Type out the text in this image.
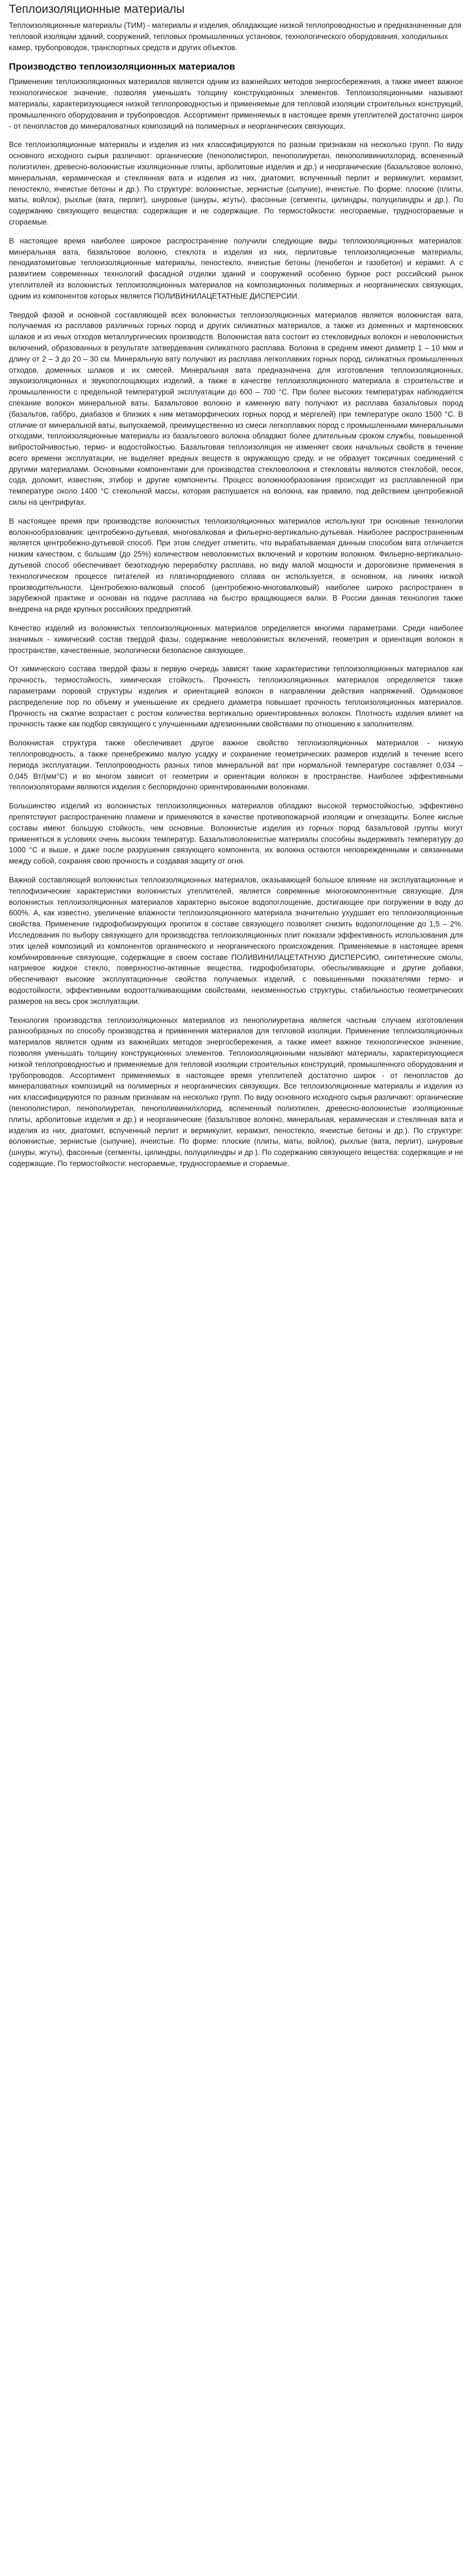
Теплоизоляционные материалы

Теплоизоляционные материалы (ТИМ) - материалы и изделия, обладающие низкой теплопроводностью и предназначенные для тепловой изоляции зданий, сооружений, тепловых промышленных установок, технологического оборудования, холодильных камер, трубопроводов, транспортных средств и других объектов.

Производство теплоизоляционных материалов

Применение теплоизоляционных материалов является одним из важнейших методов энергосбережения, а также имеет важное технологическое значение, позволяя уменьшать толщину конструкционных элементов. Теплоизоляционными называют материалы, характеризующиеся низкой теплопроводностью и применяемые для тепловой изоляции строительных конструкций, промышленного оборудования и трубопроводов. Ассортимент применяемых в настоящее время утеплителей достаточно широк - от пенопластов до минераловатных композиций на полимерных и неорганических связующих.

Все теплоизоляционные материалы и изделия из них классифицируются по разным признакам на несколько групп. По виду основного исходного сырья различают: органические (пенополистирол, пенополиуретан, пенополивинилхлорид, вспененный полиэтилен, древесно-волокнистые изоляционные плиты, арболитовые изделия и др.) и неорганические (базальтовое волокно, минеральная, керамическая и стеклянная вата и изделия из них, диатомит, вспученный перлит и вермикулит, керамзит, пеностекло, ячеистые бетоны и др.). По структуре: волокнистые, зернистые (сыпучие), ячеистые. По форме: плоские (плиты, маты, войлок), рыхлые (вата, перлит), шнуровые (шнуры, жгуты), фасонные (сегменты, цилиндры, полуцилиндры и др.). По содержанию связующего вещества: содержащие и не содержащие. По термостойкости: несгораемые, трудносгораемые и сгораемые.

В настоящее время наиболее широкое распространение получили следующие виды теплоизоляционных материалов: минеральная вата, базальтовое волокно, стеклота и изделия из них, перлитовые теплоизоляционные материалы, пенодиатомитовые теплоизоляционные материалы, пеностекло, ячеистые бетоны (пенобетон и газобетон) и керамит. А с развитием современных технологий фасадной отделки зданий и сооружений особенно бурное рост российский рынок утеплителей из волокнистых теплоизоляционных материалов на композиционных полимерных и неорганических связующих, одним из компонентов которых является ПОЛИВИНИЛАЦЕТАТНЫЕ ДИСПЕРСИИ.

Твердой фазой и основной составляющей всех волокнистых теплоизоляционных материалов является волокнистая вата, получаемая из расплавов различных горных пород и других силикатных материалов, а также из доменных и мартеновских шлаков и из иных отходов металлургических производств. Волокнистая вата состоит из стекловидных волокон и неволокнистых включений, образованных в результате затвердевания силикатного расплава. Волокна в среднем имеют диаметр 1 – 10 мкм и длину от 2 – 3 до 20 – 30 см. Минеральную вату получают из расплава легкоплавких горных пород, силикатных промышленных отходов, доменных шлаков и их смесей. Минеральная вата предназначена для изготовления теплоизоляционных, звукоизоляционных и звукопоглощающих изделий, а также в качестве теплоизоляционного материала в строительстве и промышленности с предельной температурой эксплуатации до 600 – 700 °С. При более высоких температурах наблюдается спекание волокон минеральной ваты. Базальтовое волокно и каменную вату получают из расплава базальтовых пород (базальтов, габбро, диабазов и близких к ним метаморфических горных пород и мергелей) при температуре около 1500 °С. В отличие от минеральной ваты, выпускаемой, преимущественно из смеси легкоплавких пород с промышленными минеральными отходами, теплоизоляционные материалы из базальтового волокна обладают более длительным сроком службы, повышенной вибростойчивостью, термо- и водостойкостью. Базальтовая теплоизоляция не изменяет своих начальных свойств в течение всего времени эксплуатации, не выделяет вредных веществ в окружающую среду, и не образует токсичных соединений с другими материалами. Основными компонентами для производства стекловолокна и стекловаты являются стеклобой, песок, сода, доломит, известняк, этибор и другие компоненты. Процесс волокнообразования происходит из расплавленной при температуре около 1400 °С стекольной массы, которая распушается на волокна, как правило, под действием центробежной силы на центрифугах.

В настоящее время при производстве волокнистых теплоизоляционных материалов используют три основные технологии волокнообразования: центробежно-дутьевая, многовалковая и фильерно-вертикально-дутьевая. Наиболее распространенным является центробежно-дутьевой способ. При этом следует отметить, что вырабатываемая данным способом вата отличается низким качеством, с большим (до 25%) количеством неволокнистых включений и коротким волокном. Фильерно-вертикально-дутьевой способ обеспечивает безотходную переработку расплава, но виду малой мощности и дороговизне применения в технологическом процессе питателей из платинородиевого сплава он используется, в основном, на линиях низкой производительности. Центробежно-валковый способ (центробежно-многовалковый) наиболее широко распространен в зарубежной практике и основан на подаче расплава на быстро вращающиеся валки. В России данная технология также внедрена на ряде крупных российских предприятий.

Качество изделий из волокнистых теплоизоляционных материалов определяется многими параметрами. Среди наиболее значимых - химический состав твердой фазы, содержание неволокнистых включений, геометрия и ориентация волокон в пространстве, качественные, экологически безопасное связующее.

От химического состава твердой фазы в первую очередь зависят такие характеристики теплоизоляционных материалов как прочность, термостойкость, химическая стойкость. Прочность теплоизоляционных материалов определяется также параметрами поровой структуры изделия и ориентацией волокон в направлении действия напряжений. Одинаковое распределение пор по объему и уменьшение их среднего диаметра повышает прочность теплоизоляционных материалов. Прочность на сжатие возрастает с ростом количества вертикально ориентированных волокон. Плотность изделия влияет на прочность также как подбор связующего с улучшенными адгезионными свойствами по отношению к заполнителям.

Волокнистая структура также обеспечивает другое важное свойство теплоизоляционных материалов - низкую теплопроводность, а также пренебрежимо малую усадку и сохранение геометрических размеров изделий в течение всего периода эксплуатации. Теплопроводность разных типов минеральной ват при нормальной температуре составляет 0,034 – 0,045 Вт/(мм°С) и во многом зависит от геометрии и ориентации волокон в пространстве. Наиболее эффективными теплоизоляторами являются изделия с беспорядочно ориентированными волокнами.

Большинство изделий из волокнистых теплоизоляционных материалов обладают высокой термостойкостью, эффективно препятствуют распространению пламени и применяются в качестве противопожарной изоляции и огнезащиты. Более кислые составы имеют большую стойкость, чем основные. Волокнистые изделия из горных пород базальтовой группы могут применяться в условиях очень высоких температур. Базальтоволокнистые материалы способны выдерживать температуру до 1000 °С и выше, и даже после разрушения связующего компонента, их волокна остаются неповрежденными и связанными между собой, сохраняя свою прочность и создавая защиту от огня.

Важной составляющей волокнистых теплоизоляционных материалов, оказывающей большое влияние на эксплуатационные и теплофизические характеристики волокнистых утеплителей, является совремнные многокомпонентные связующие. Для волокнистых теплоизоляционных материалов характерно высокое водопоглощение, достигающее при погружении в воду до 600%. А, как известно, увеличение влажности теплоизоляционного материала значительно ухудшает его теплоизоляционные свойства. Применение гидрофобизирующих пропиток в составе связующего позволяет снизить водопоглощение до 1,5 – 2%. Исследования по выбору связующего для производства теплоизоляционных плит показали эффективность использования для этих целей композиций из компонентов органического и неорганического происхождения. Применяемые в настоящее время комбинированные связующие, содержащие в своем составе ПОЛИВИНИЛАЦЕТАТНУЮ ДИСПЕРСИЮ, синтетические смолы, натриевое жидкое стекло, поверхностно-активные вещества, гидрофобизаторы, обеспыливающие и другие добавки, обеспечивают высокие эксплуатационные свойства получаемых изделий, с повышенными показателями термо- и водостойкости, эффективными водоотталкивающими свойствами, неизменностью структуры, стабильностью геометрических размеров на весь срок эксплуатации.

Технология производства теплоизоляционных материалов из пенополиуретана является частным случаем изготовления разнообразных по способу производства и применения материалов для тепловой изоляции. Применение теплоизоляционных материалов является одним из важнейших методов энергосбережения, а также имеет важное технологическое значение, позволяя уменьшать толщину конструкционных элементов. Теплоизоляционными называют материалы, характеризующиеся низкой теплопроводностью и применяемые для тепловой изоляции строительных конструкций, промышленного оборудования и трубопроводов. Ассортимент применяемых в настоящее время утеплителей достаточно широк - от пенопластов до минераловатных композиций на полимерных и неорганических связующих. Все теплоизоляционные материалы и изделия из них классифицируются по разным признакам на несколько групп. По виду основного исходного сырья различают: органические (пенополистирол, пенополиуретан, пенополивинилхлорид, вспененный полиэтилен, древесно-волокнистые изоляционные плиты, арболитовые изделия и др.) и неорганические (базальтовое волокно, минеральная, керамическая и стеклянная вата и изделия из них, диатомит, вспученный перлит и вермикулит, керамзит, пеностекло, ячеистые бетоны и др.). По структуре: волокнистые, зернистые (сыпучие), ячеистые. По форме: плоские (плиты, маты, войлок), рыхлые (вата, перлит), шнуровые (шнуры, жгуты), фасонные (сегменты, цилиндры, полуцилиндры и др.). По содержанию связующего вещества: содержащие и не содержащие. По термостойкости: несгораемые, трудносгораемые и сгораемые.
